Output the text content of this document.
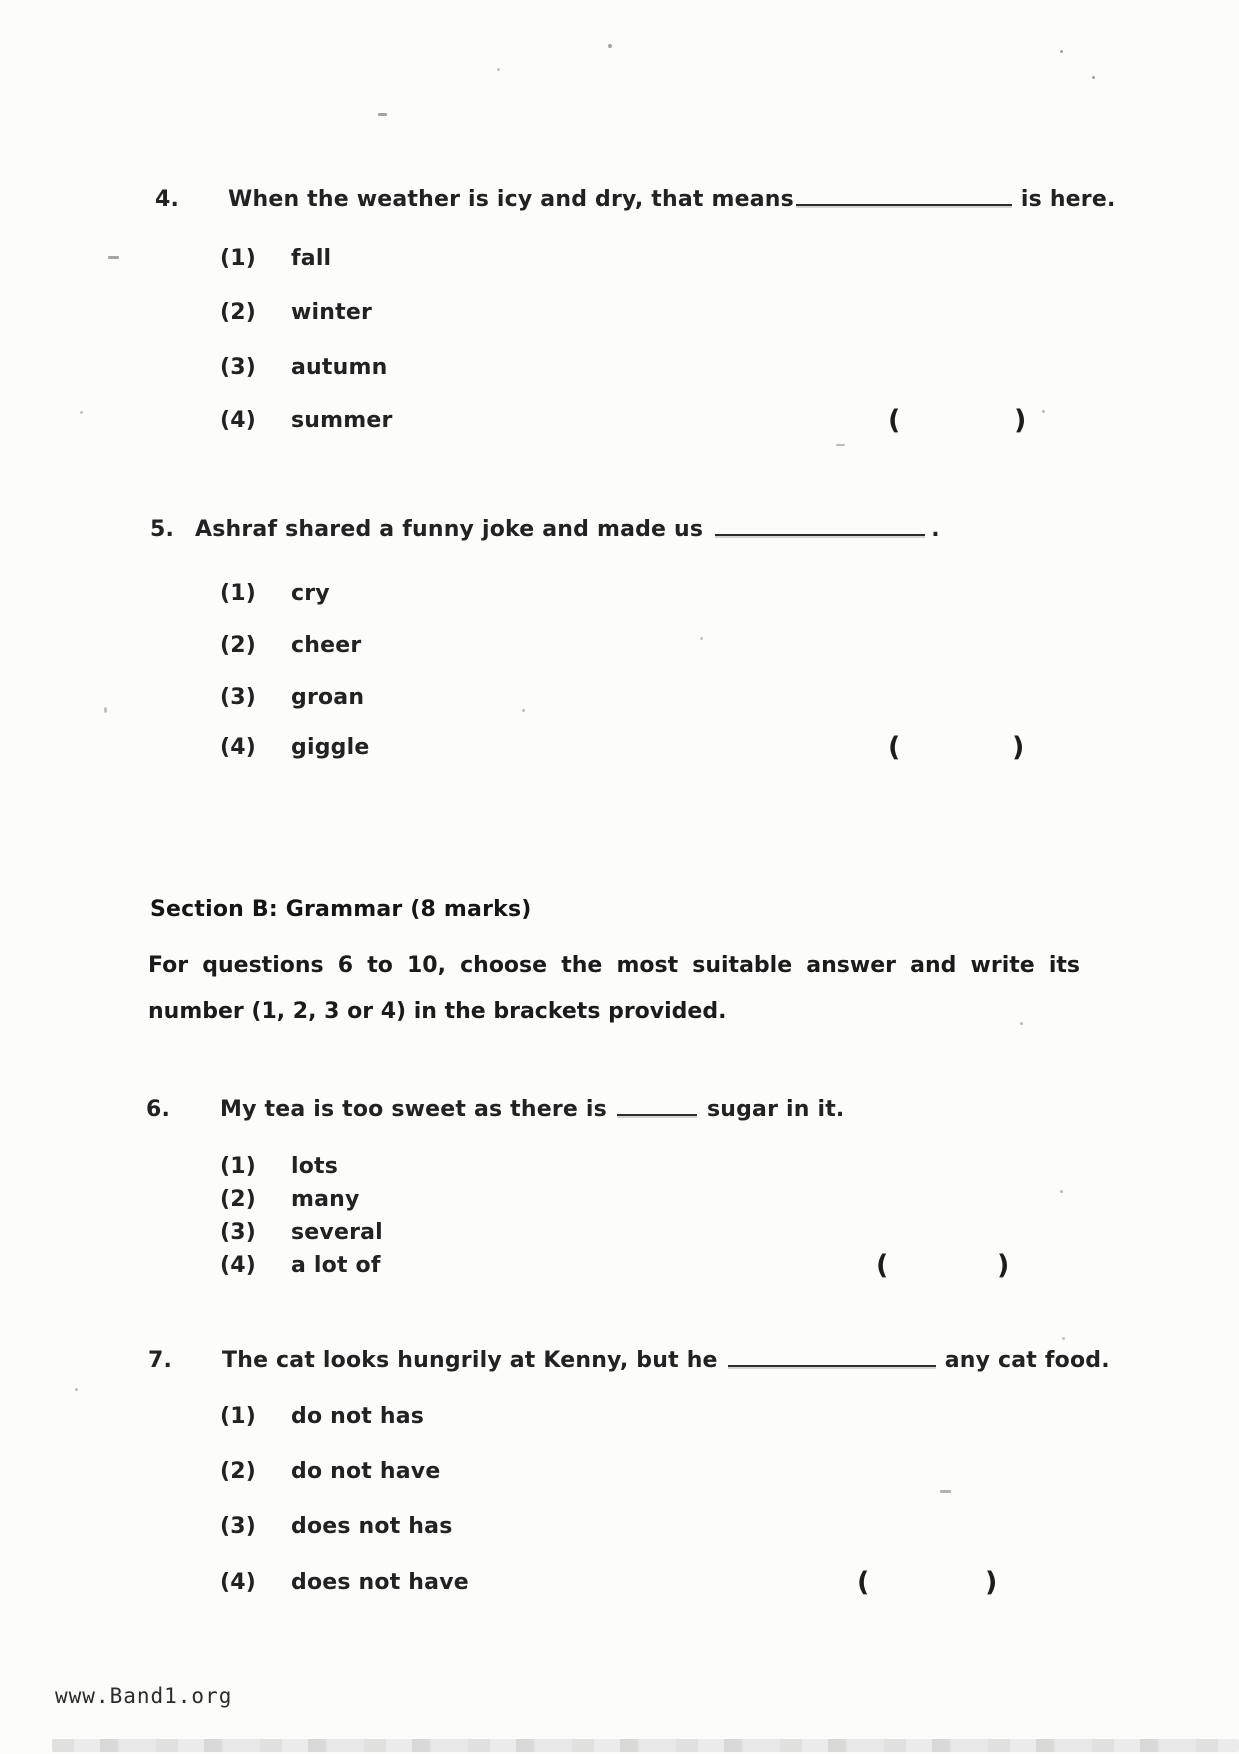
4. When the weather is icy and dry, that means	is here.
(1) fall
(2) winter
(3) autumn
(4) summer	(	)
5. Ashraf shared a funny joke and made us	.
(1) cry
(2) cheer
(3) groan
(4) giggle	(	)
Section B: Grammar (8 marks)
For questions 6 to 10, choose the most suitable answer and write its
number (1, 2, 3 or 4) in the brackets provided.
6. My tea is too sweet as there is	sugar in it.
(1) lots
(2) many
(3) several
(4) a lot of	(	)
7. The cat looks hungrily at Kenny, but he	any cat food.
(1) do not has
(2) do not have
(3) does not has
(4) does not have	(	)
www.Band1.org
